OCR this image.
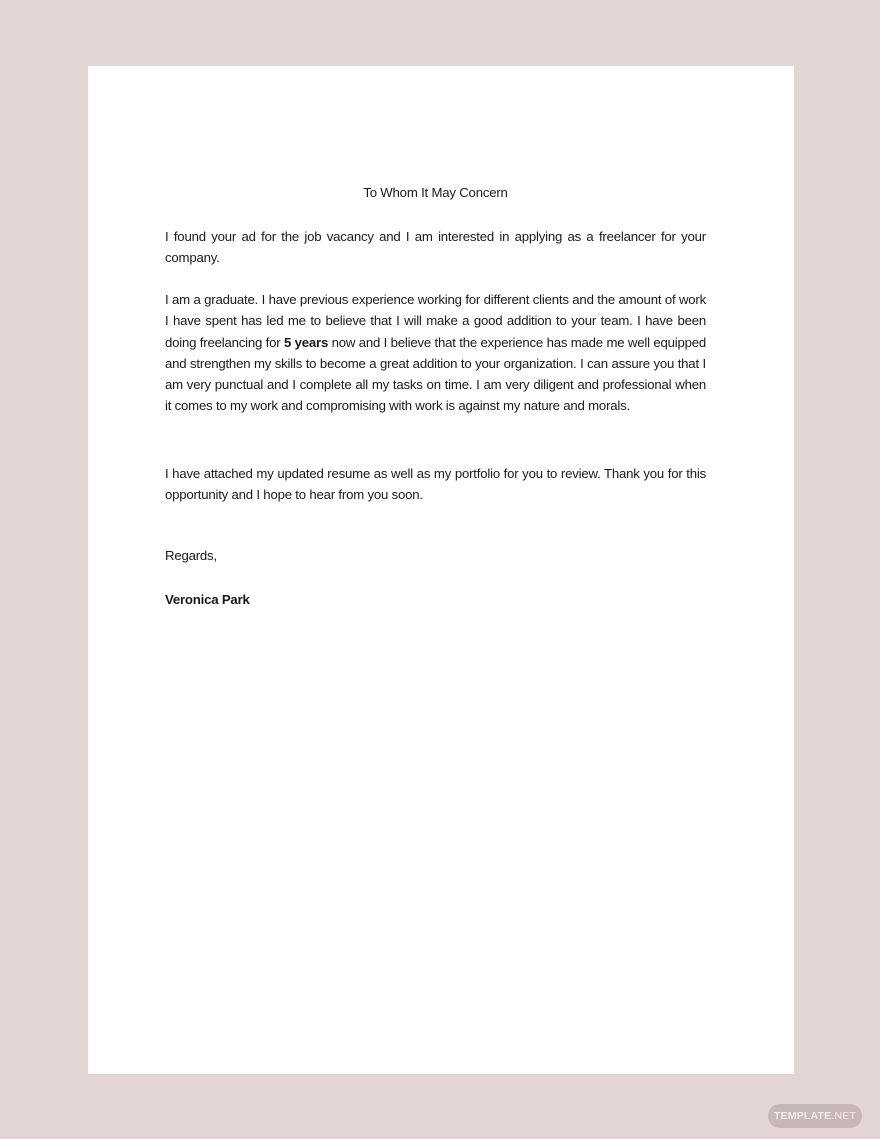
To Whom It May Concern

I found your ad for the job vacancy and I am interested in applying as a freelancer for your company.

I am a graduate. I have previous experience working for different clients and the amount of work I have spent has led me to believe that I will make a good addition to your team. I have been doing freelancing for 5 years now and I believe that the experience has made me well equipped and strengthen my skills to become a great addition to your organization. I can assure you that I am very punctual and I complete all my tasks on time. I am very diligent and professional when it comes to my work and compromising with work is against my nature and morals.

I have attached my updated resume as well as my portfolio for you to review. Thank you for this opportunity and I hope to hear from you soon.

Regards,
Veronica Park
TEMPLATE.NET
